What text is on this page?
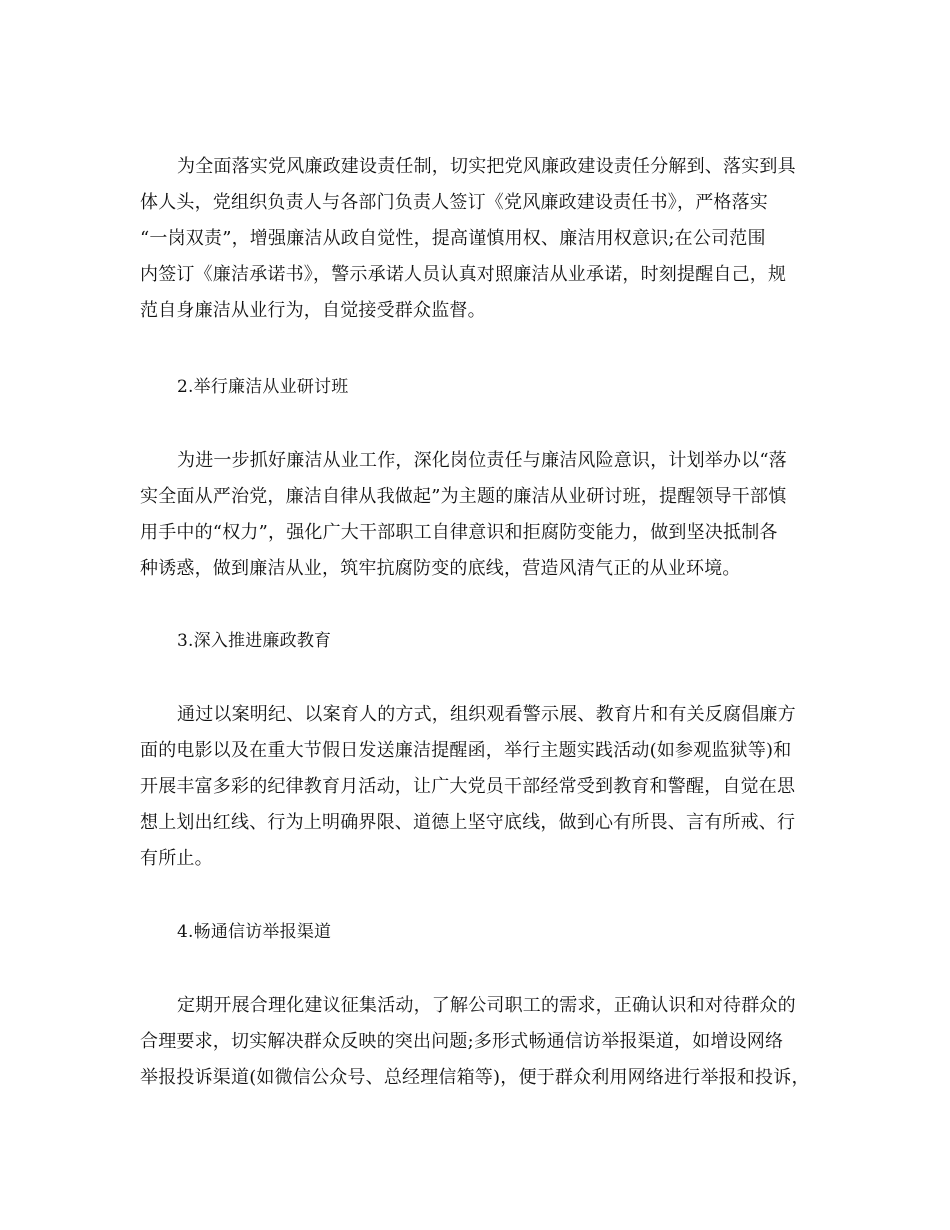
为全面落实党风廉政建设责任制，切实把党风廉政建设责任分解到、落实到具
体人头，党组织负责人与各部门负责人签订《党风廉政建设责任书》，严格落实
“一岗双责”，增强廉洁从政自觉性，提高谨慎用权、廉洁用权意识;在公司范围
内签订《廉洁承诺书》，警示承诺人员认真对照廉洁从业承诺，时刻提醒自己，规
范自身廉洁从业行为，自觉接受群众监督。
2.举行廉洁从业研讨班
为进一步抓好廉洁从业工作，深化岗位责任与廉洁风险意识，计划举办以“落
实全面从严治党，廉洁自律从我做起”为主题的廉洁从业研讨班，提醒领导干部慎
用手中的“权力”，强化广大干部职工自律意识和拒腐防变能力，做到坚决抵制各
种诱惑，做到廉洁从业，筑牢抗腐防变的底线，营造风清气正的从业环境。
3.深入推进廉政教育
通过以案明纪、以案育人的方式，组织观看警示展、教育片和有关反腐倡廉方
面的电影以及在重大节假日发送廉洁提醒函，举行主题实践活动(如参观监狱等)和
开展丰富多彩的纪律教育月活动，让广大党员干部经常受到教育和警醒，自觉在思
想上划出红线、行为上明确界限、道德上坚守底线，做到心有所畏、言有所戒、行
有所止。
4.畅通信访举报渠道
定期开展合理化建议征集活动，了解公司职工的需求，正确认识和对待群众的
合理要求，切实解决群众反映的突出问题;多形式畅通信访举报渠道，如增设网络
举报投诉渠道(如微信公众号、总经理信箱等)，便于群众利用网络进行举报和投诉，
